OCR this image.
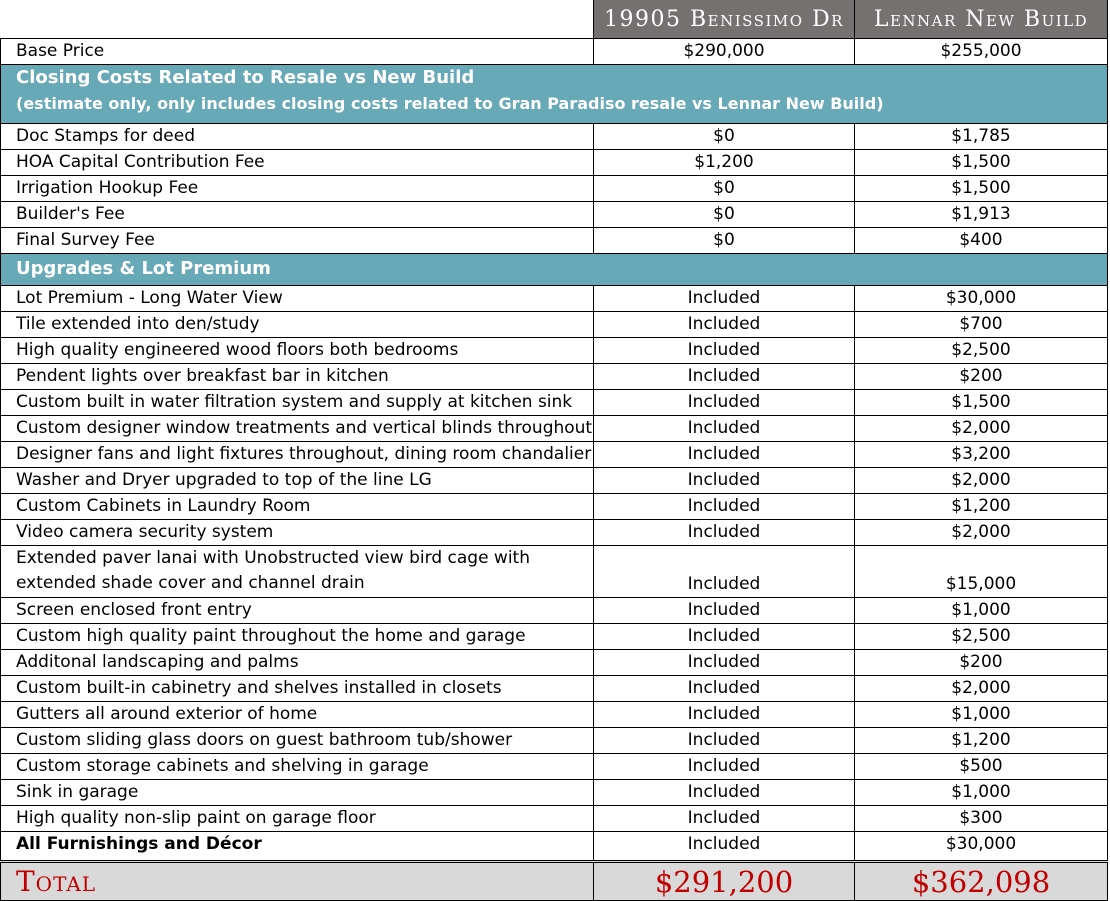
19905 Benissimo Dr	Lennar New Build
Base Price	$290,000	$255,000
Closing Costs Related to Resale vs New Build
(estimate only, only includes closing costs related to Gran Paradiso resale vs Lennar New Build)
Doc Stamps for deed	$0	$1,785
HOA Capital Contribution Fee	$1,200	$1,500
Irrigation Hookup Fee	$0	$1,500
Builder's Fee	$0	$1,913
Final Survey Fee	$0	$400
Upgrades & Lot Premium
Lot Premium - Long Water View	Included	$30,000
Tile extended into den/study	Included	$700
High quality engineered wood floors both bedrooms	Included	$2,500
Pendent lights over breakfast bar in kitchen	Included	$200
Custom built in water filtration system and supply at kitchen sink	Included	$1,500
Custom designer window treatments and vertical blinds throughout	Included	$2,000
Designer fans and light fixtures throughout, dining room chandalier	Included	$3,200
Washer and Dryer upgraded to top of the line LG	Included	$2,000
Custom Cabinets in Laundry Room	Included	$1,200
Video camera security system	Included	$2,000
Extended paver lanai with Unobstructed view bird cage with
extended shade cover and channel drain	Included	$15,000
Screen enclosed front entry	Included	$1,000
Custom high quality paint throughout the home and garage	Included	$2,500
Additonal landscaping and palms	Included	$200
Custom built-in cabinetry and shelves installed in closets	Included	$2,000
Gutters all around exterior of home	Included	$1,000
Custom sliding glass doors on guest bathroom tub/shower	Included	$1,200
Custom storage cabinets and shelving in garage	Included	$500
Sink in garage	Included	$1,000
High quality non-slip paint on garage floor	Included	$300
All Furnishings and Décor	Included	$30,000
Total	$291,200	$362,098
